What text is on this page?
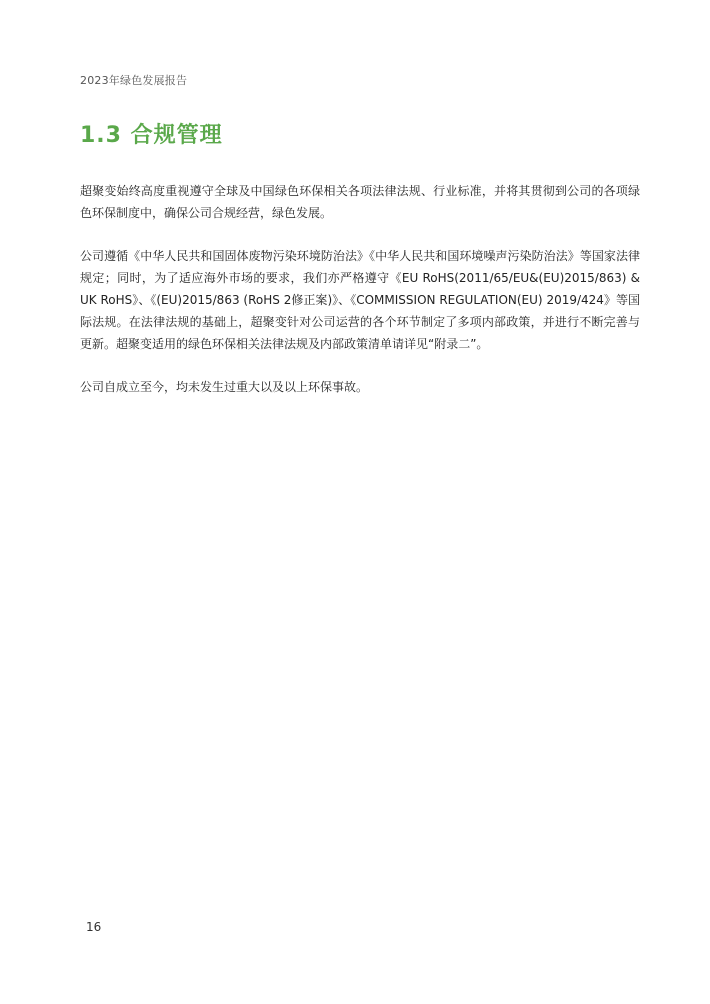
2023年绿色发展报告
1.3 合规管理

超聚变始终高度重视遵守全球及中国绿色环保相关各项法律法规、行业标准，并将其贯彻到公司的各项绿色环保制度中，确保公司合规经营，绿色发展。

公司遵循《中华人民共和国固体废物污染环境防治法》《中华人民共和国环境噪声污染防治法》等国家法律规定；同时，为了适应海外市场的要求，我们亦严格遵守《EU RoHS(2011/65/EU&(EU)2015/863) & UK RoHS》、《(EU)2015/863 (RoHS 2修正案)》、《COMMISSION REGULATION(EU) 2019/424》等国际法规。在法律法规的基础上，超聚变针对公司运营的各个环节制定了多项内部政策，并进行不断完善与更新。超聚变适用的绿色环保相关法律法规及内部政策清单请详见“附录二”。

公司自成立至今，均未发生过重大以及以上环保事故。

16
